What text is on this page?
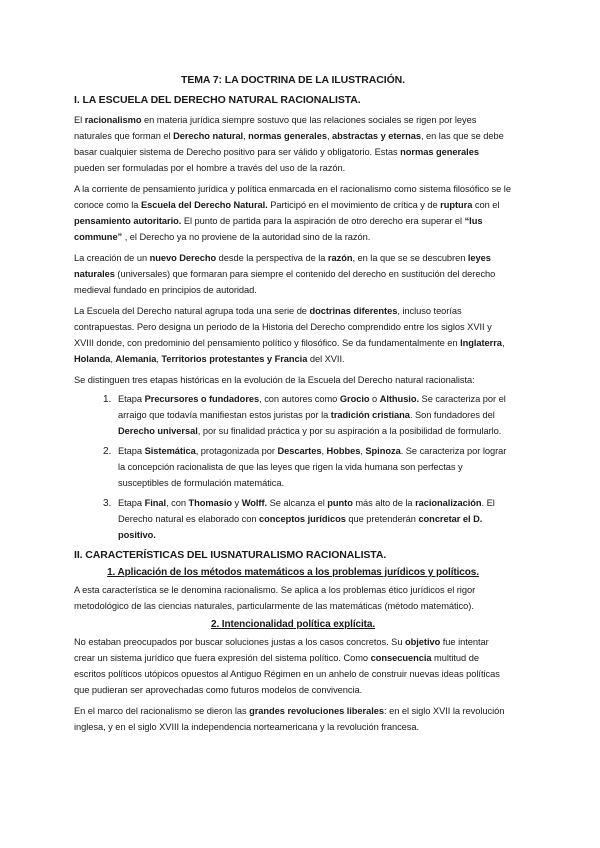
TEMA 7: LA DOCTRINA DE LA ILUSTRACIÓN.
I. LA ESCUELA DEL DERECHO NATURAL RACIONALISTA.

El racionalismo en materia jurídica siempre sostuvo que las relaciones sociales se rigen por leyes naturales que forman el Derecho natural, normas generales, abstractas y eternas, en las que se debe basar cualquier sistema de Derecho positivo para ser válido y obligatorio. Estas normas generales pueden ser formuladas por el hombre a través del uso de la razón.

A la corriente de pensamiento jurídica y política enmarcada en el racionalismo como sistema filosófico se le conoce como la Escuela del Derecho Natural. Participó en el movimiento de crítica y de ruptura con el pensamiento autoritario. El punto de partida para la aspiración de otro derecho era superar el “Ius commune” , el Derecho ya no proviene de la autoridad sino de la razón.

La creación de un nuevo Derecho desde la perspectiva de la razón, en la que se se descubren leyes naturales (universales) que formaran para siempre el contenido del derecho en sustitución del derecho medieval fundado en principios de autoridad.

La Escuela del Derecho natural agrupa toda una serie de doctrinas diferentes, incluso teorías contrapuestas. Pero designa un periodo de la Historia del Derecho comprendido entre los siglos XVII y XVIII donde, con predominio del pensamiento político y filosófico. Se da fundamentalmente en Inglaterra, Holanda, Alemania, Territorios protestantes y Francia del XVII.

Se distinguen tres etapas históricas en la evolución de la Escuela del Derecho natural racionalista:

1. Etapa Precursores o fundadores, con autores como Grocio o Althusio. Se caracteriza por el arraigo que todavía manifiestan estos juristas por la tradición cristiana. Son fundadores del Derecho universal, por su finalidad práctica y por su aspiración a la posibilidad de formularlo.
2. Etapa Sistemática, protagonizada por Descartes, Hobbes, Spinoza. Se caracteriza por lograr la concepción racionalista de que las leyes que rigen la vida humana son perfectas y susceptibles de formulación matemática.
3. Etapa Final, con Thomasio y Wolff. Se alcanza el punto más alto de la racionalización. El Derecho natural es elaborado con conceptos jurídicos que pretenderán concretar el D. positivo.
II. CARACTERÍSTICAS DEL IUSNATURALISMO RACIONALISTA.
1. Aplicación de los métodos matemáticos a los problemas jurídicos y políticos.

A esta característica se le denomina racionalismo. Se aplica a los problemas ético jurídicos el rigor metodológico de las ciencias naturales, particularmente de las matemáticas (método matemático).

2. Intencionalidad política explícita.

No estaban preocupados por buscar soluciones justas a los casos concretos. Su objetivo fue intentar crear un sistema jurídico que fuera expresión del sistema político. Como consecuencia multitud de escritos políticos utópicos opuestos al Antiguo Régimen en un anhelo de construir nuevas ideas políticas que pudieran ser aprovechadas como futuros modelos de convivencia.

En el marco del racionalismo se dieron las grandes revoluciones liberales: en el siglo XVII la revolución inglesa, y en el siglo XVIII la independencia norteamericana y la revolución francesa.
